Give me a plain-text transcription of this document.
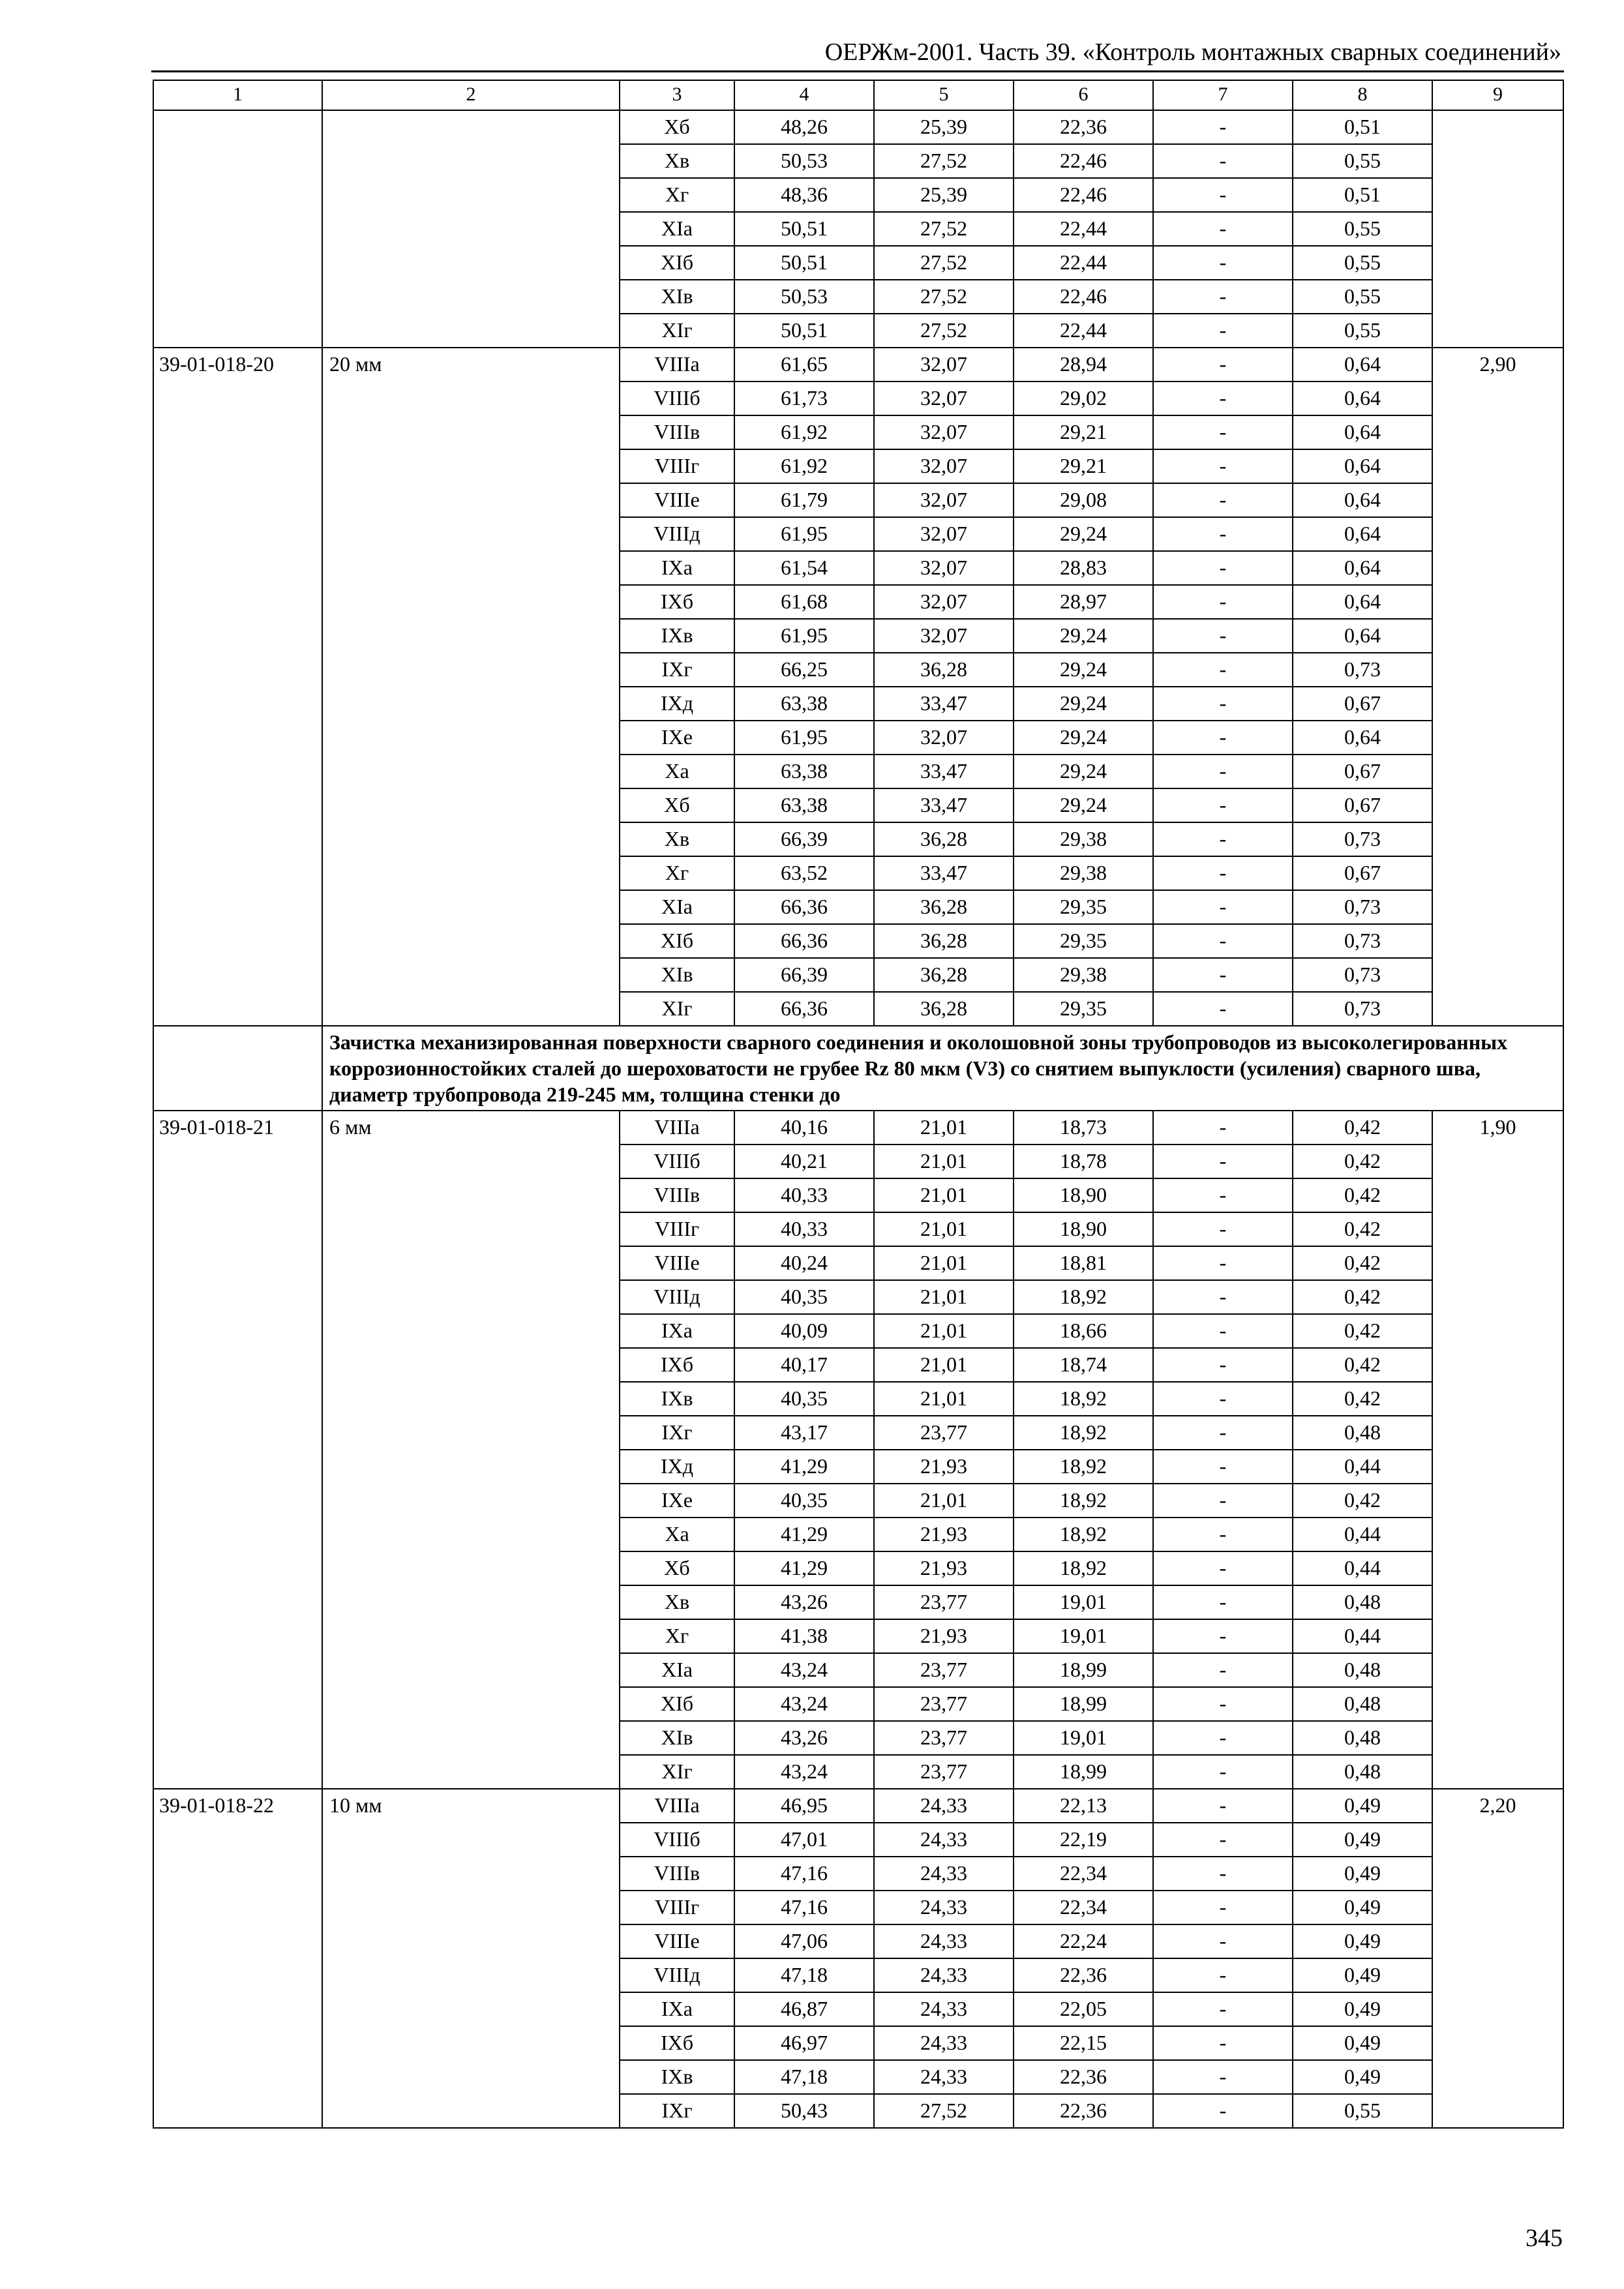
ОЕРЖм-2001. Часть 39. «Контроль монтажных сварных соединений»
1	2	3	4	5	6	7	8	9
		Xб	48,26	25,39	22,36	-	0,51	
		Xв	50,53	27,52	22,46	-	0,55	
		Xг	48,36	25,39	22,46	-	0,51	
		XIа	50,51	27,52	22,44	-	0,55	
		XIб	50,51	27,52	22,44	-	0,55	
		XIв	50,53	27,52	22,46	-	0,55	
		XIг	50,51	27,52	22,44	-	0,55	
39-01-018-20	20 мм	VIIIа	61,65	32,07	28,94	-	0,64	2,90
		VIIIб	61,73	32,07	29,02	-	0,64	
		VIIIв	61,92	32,07	29,21	-	0,64	
		VIIIг	61,92	32,07	29,21	-	0,64	
		VIIIе	61,79	32,07	29,08	-	0,64	
		VIIIд	61,95	32,07	29,24	-	0,64	
		IXа	61,54	32,07	28,83	-	0,64	
		IXб	61,68	32,07	28,97	-	0,64	
		IXв	61,95	32,07	29,24	-	0,64	
		IXг	66,25	36,28	29,24	-	0,73	
		IXд	63,38	33,47	29,24	-	0,67	
		IXе	61,95	32,07	29,24	-	0,64	
		Xа	63,38	33,47	29,24	-	0,67	
		Xб	63,38	33,47	29,24	-	0,67	
		Xв	66,39	36,28	29,38	-	0,73	
		Xг	63,52	33,47	29,38	-	0,67	
		XIа	66,36	36,28	29,35	-	0,73	
		XIб	66,36	36,28	29,35	-	0,73	
		XIв	66,39	36,28	29,38	-	0,73	
		XIг	66,36	36,28	29,35	-	0,73	
	Зачистка механизированная поверхности сварного соединения и околошовной зоны трубопроводов из высоколегированных коррозионностойких сталей до шероховатости не грубее Rz 80 мкм (V3) со снятием выпуклости (усиления) сварного шва, диаметр трубопровода 219-245 мм, толщина стенки до							
39-01-018-21	6 мм	VIIIа	40,16	21,01	18,73	-	0,42	1,90
		VIIIб	40,21	21,01	18,78	-	0,42	
		VIIIв	40,33	21,01	18,90	-	0,42	
		VIIIг	40,33	21,01	18,90	-	0,42	
		VIIIе	40,24	21,01	18,81	-	0,42	
		VIIIд	40,35	21,01	18,92	-	0,42	
		IXа	40,09	21,01	18,66	-	0,42	
		IXб	40,17	21,01	18,74	-	0,42	
		IXв	40,35	21,01	18,92	-	0,42	
		IXг	43,17	23,77	18,92	-	0,48	
		IXд	41,29	21,93	18,92	-	0,44	
		IXе	40,35	21,01	18,92	-	0,42	
		Xа	41,29	21,93	18,92	-	0,44	
		Xб	41,29	21,93	18,92	-	0,44	
		Xв	43,26	23,77	19,01	-	0,48	
		Xг	41,38	21,93	19,01	-	0,44	
		XIа	43,24	23,77	18,99	-	0,48	
		XIб	43,24	23,77	18,99	-	0,48	
		XIв	43,26	23,77	19,01	-	0,48	
		XIг	43,24	23,77	18,99	-	0,48	
39-01-018-22	10 мм	VIIIа	46,95	24,33	22,13	-	0,49	2,20
		VIIIб	47,01	24,33	22,19	-	0,49	
		VIIIв	47,16	24,33	22,34	-	0,49	
		VIIIг	47,16	24,33	22,34	-	0,49	
		VIIIе	47,06	24,33	22,24	-	0,49	
		VIIIд	47,18	24,33	22,36	-	0,49	
		IXа	46,87	24,33	22,05	-	0,49	
		IXб	46,97	24,33	22,15	-	0,49	
		IXв	47,18	24,33	22,36	-	0,49	
		IXг	50,43	27,52	22,36	-	0,55	
345
